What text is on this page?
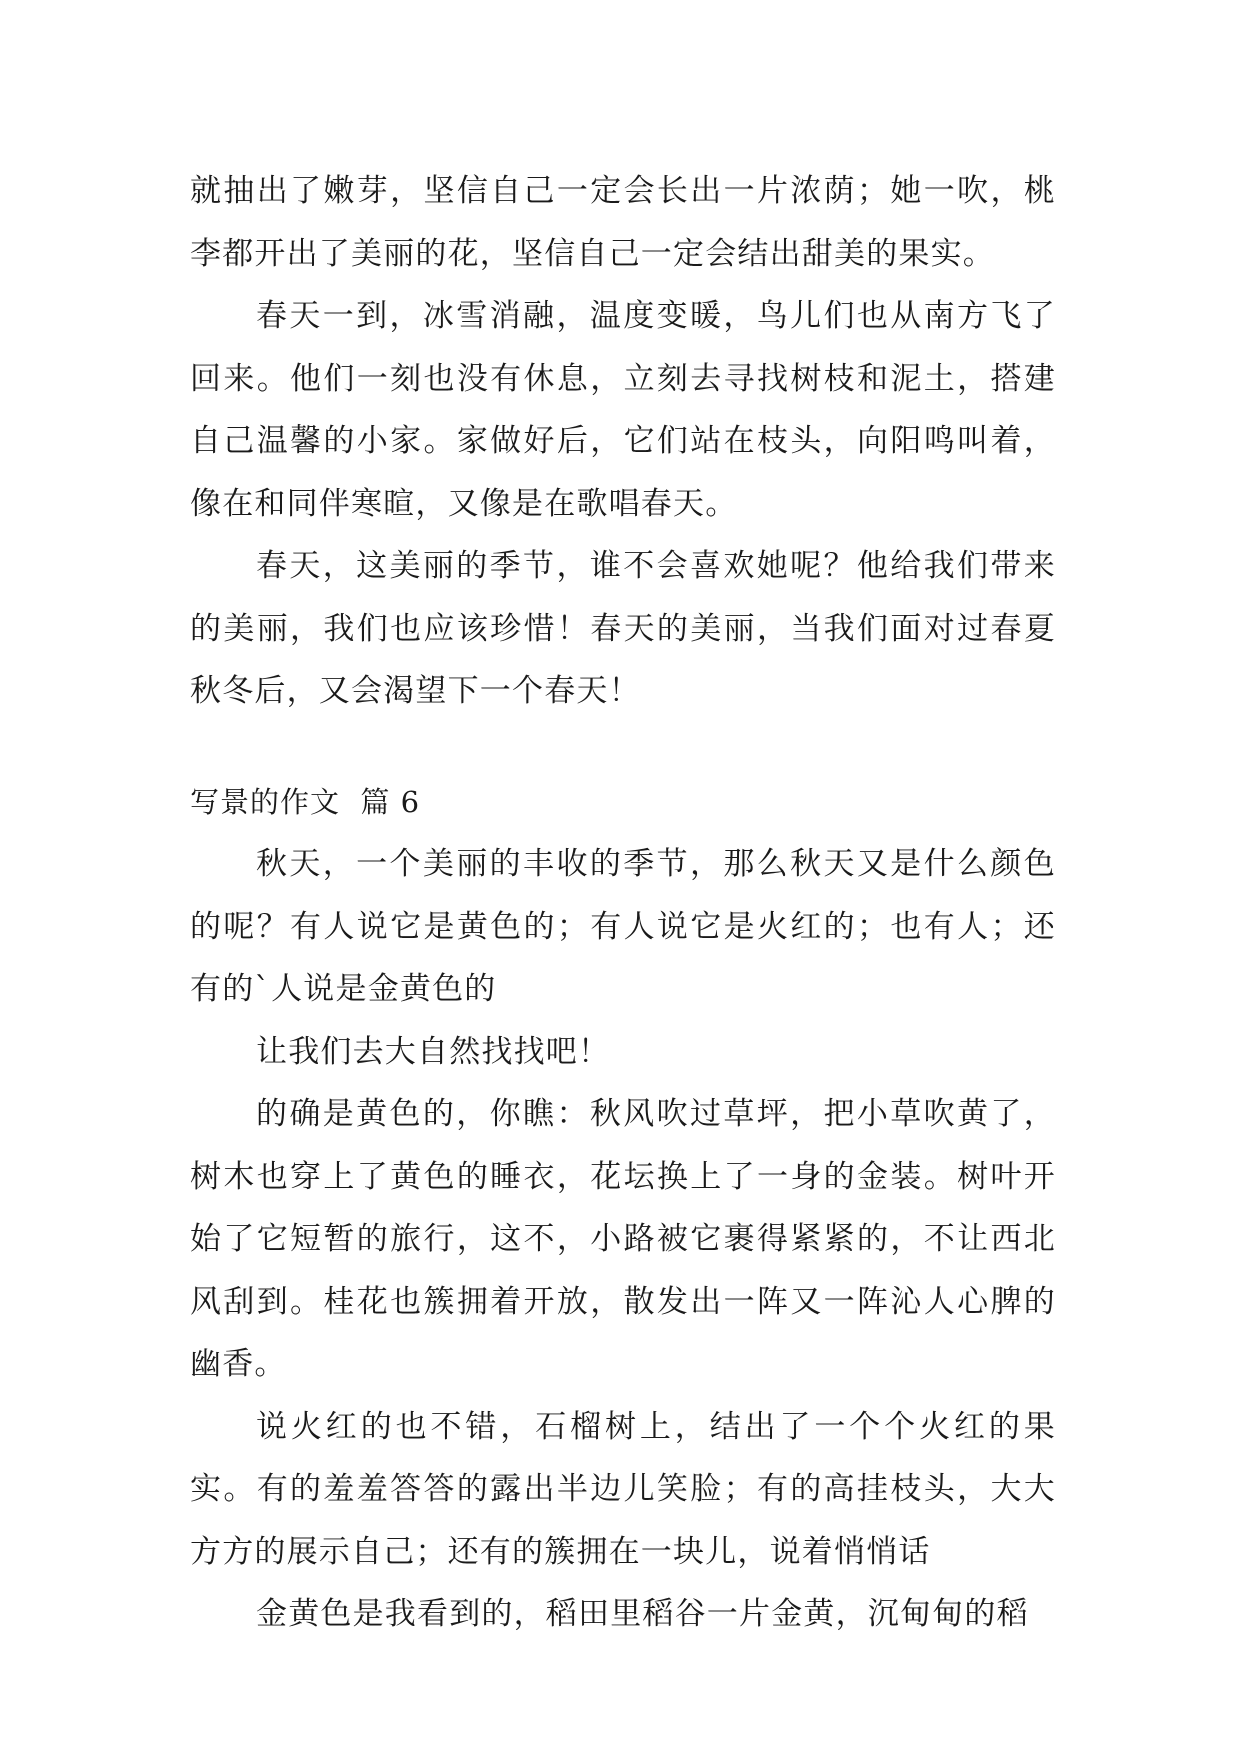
就抽出了嫩芽，坚信自己一定会长出一片浓荫；她一吹，桃李都开出了美丽的花，坚信自己一定会结出甜美的果实。

春天一到，冰雪消融，温度变暖，鸟儿们也从南方飞了回来。他们一刻也没有休息，立刻去寻找树枝和泥土，搭建自己温馨的小家。家做好后，它们站在枝头，向阳鸣叫着，像在和同伴寒暄，又像是在歌唱春天。

春天，这美丽的季节，谁不会喜欢她呢？他给我们带来的美丽，我们也应该珍惜！春天的美丽，当我们面对过春夏秋冬后，又会渴望下一个春天！

写景的作文  篇 6

秋天，一个美丽的丰收的季节，那么秋天又是什么颜色的呢？有人说它是黄色的；有人说它是火红的；也有人；还有的`人说是金黄色的

让我们去大自然找找吧！

的确是黄色的，你瞧：秋风吹过草坪，把小草吹黄了，树木也穿上了黄色的睡衣，花坛换上了一身的金装。树叶开始了它短暂的旅行，这不，小路被它裹得紧紧的，不让西北风刮到。桂花也簇拥着开放，散发出一阵又一阵沁人心脾的幽香。

说火红的也不错，石榴树上，结出了一个个火红的果实。有的羞羞答答的露出半边儿笑脸；有的高挂枝头，大大方方的展示自己；还有的簇拥在一块儿，说着悄悄话

金黄色是我看到的，稻田里稻谷一片金黄，沉甸甸的稻
